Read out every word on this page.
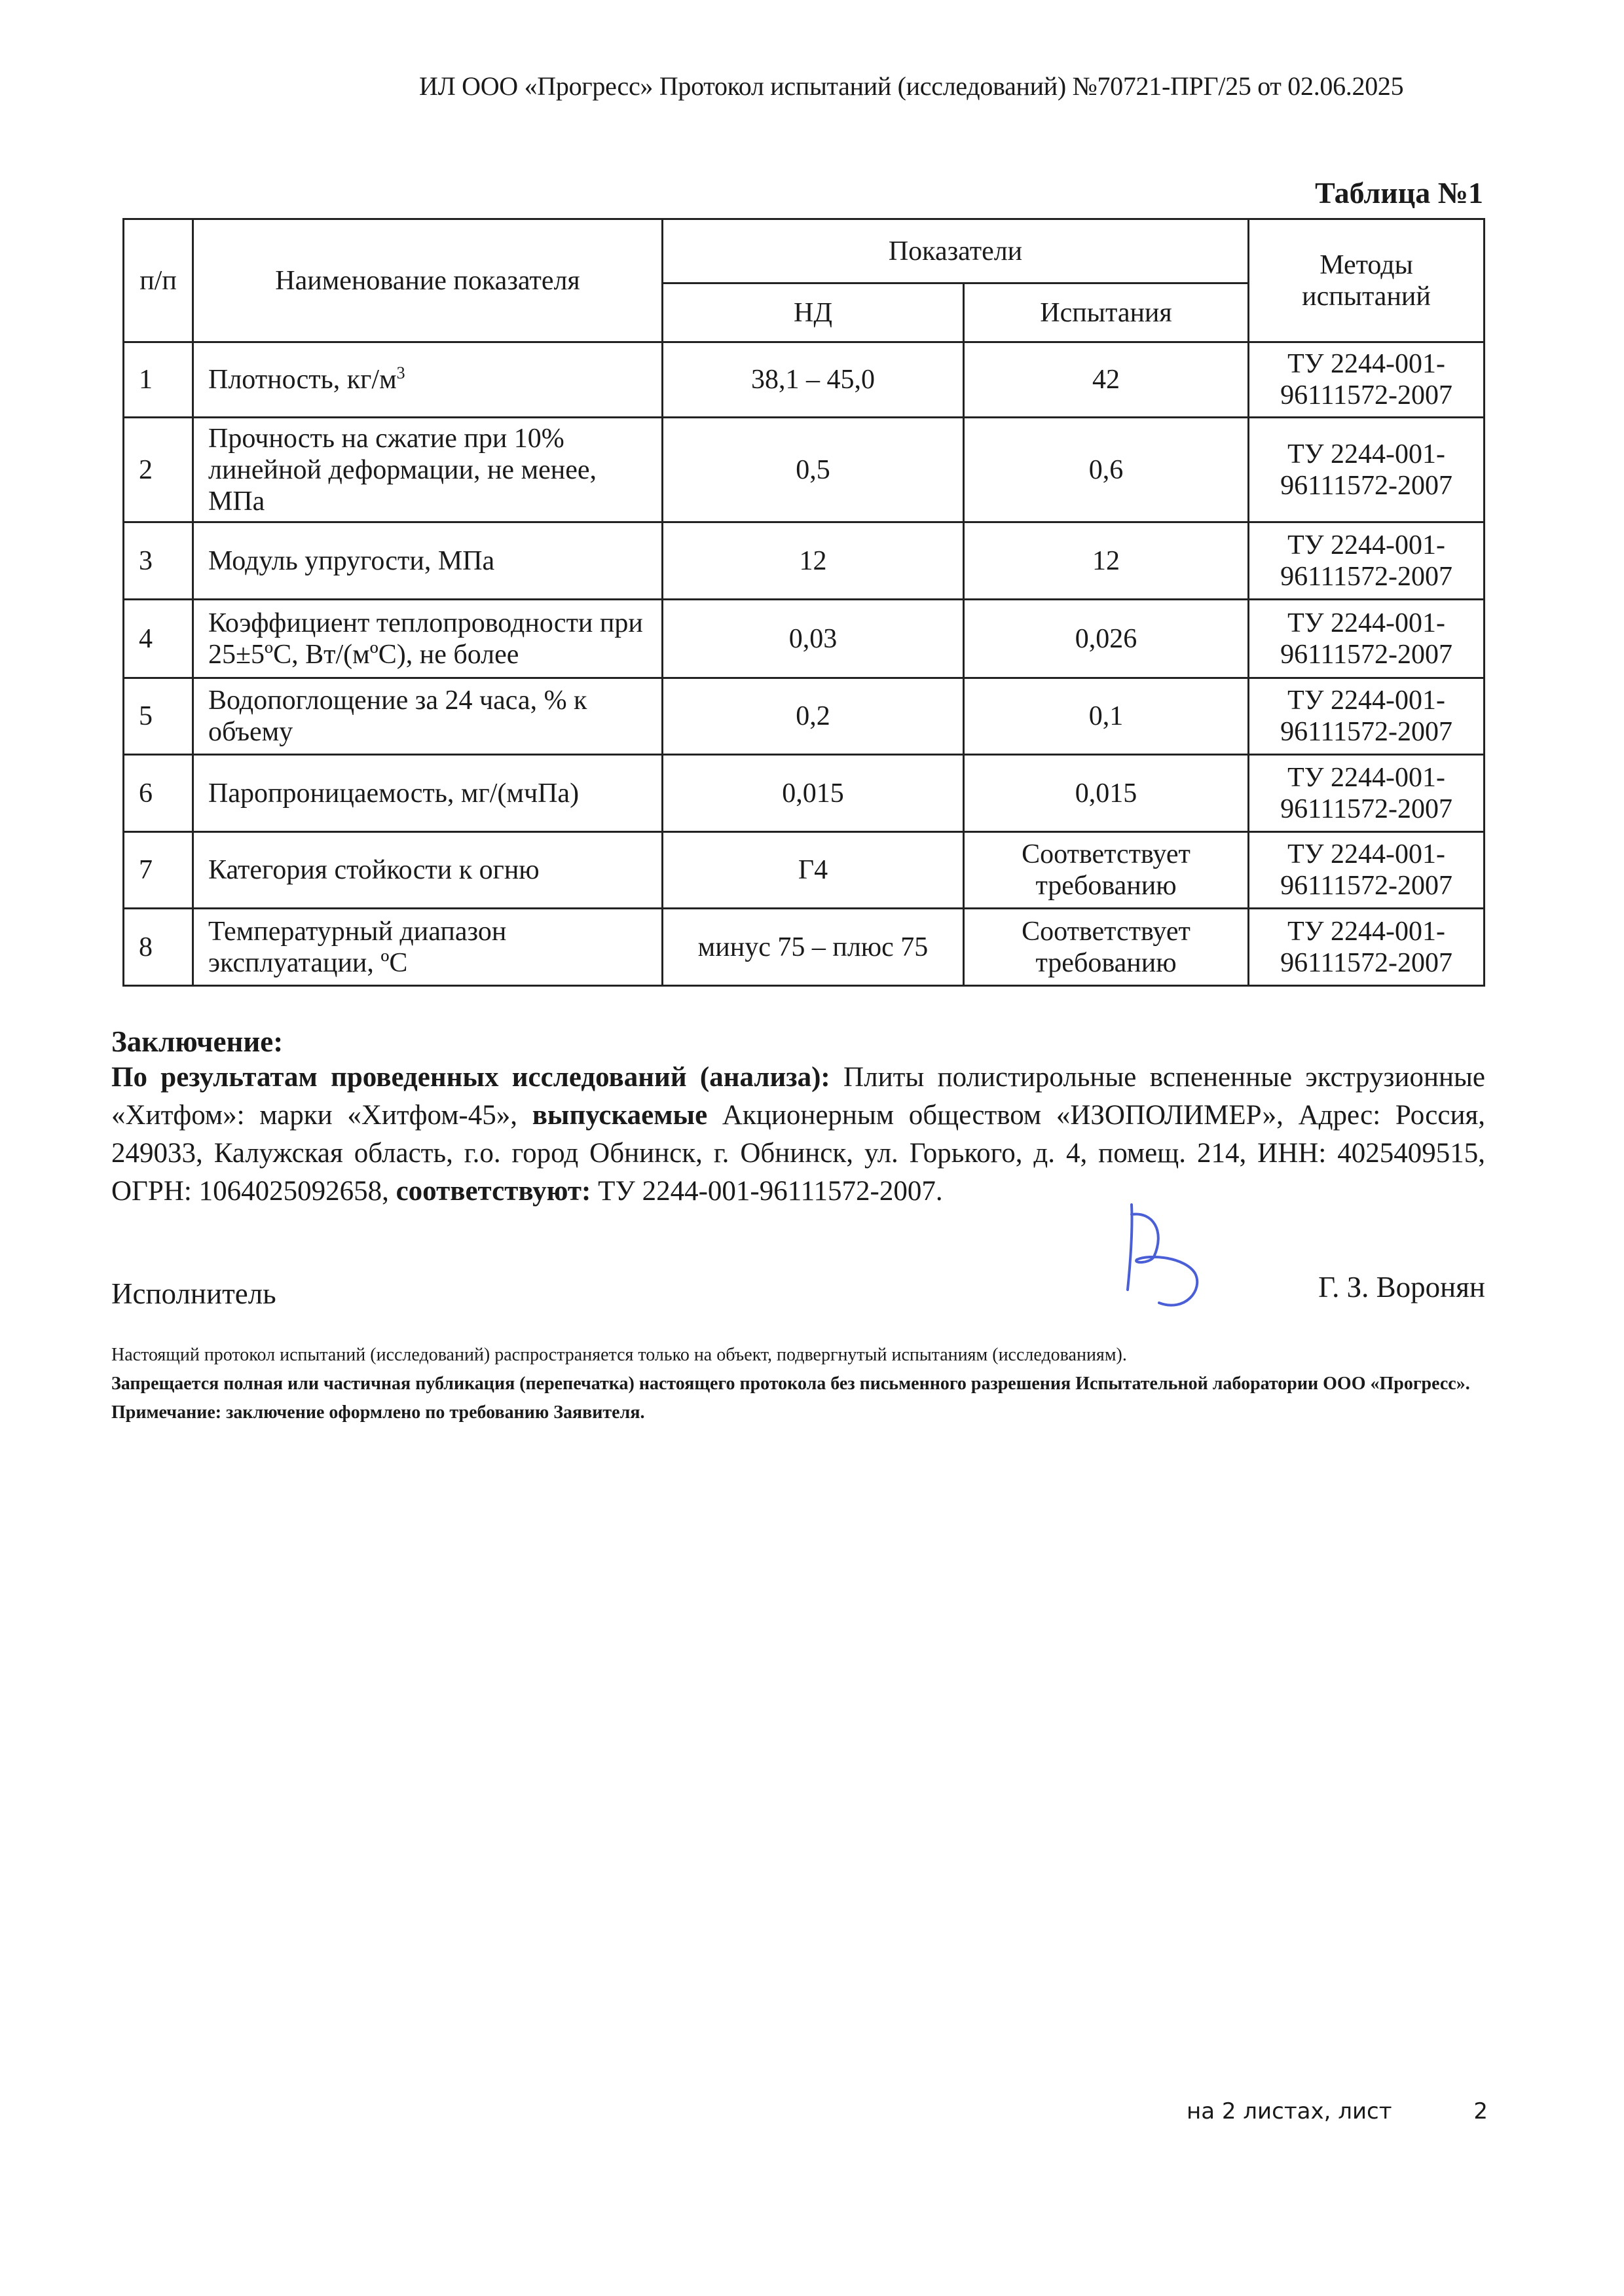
ИЛ ООО «Прогресс» Протокол испытаний (исследований) №70721-ПРГ/25 от 02.06.2025
Таблица №1
п/п	Наименование показателя	Показатели		Методы испытаний
		НД	Испытания	
1	Плотность, $кг/м^3$	38,1 – 45,0	42	ТУ 2244-001-96111572-2007
2	Прочность на сжатие при 10% линейной деформации, не менее, МПа	0,5	0,6	ТУ 2244-001-96111572-2007
3	Модуль упругости, МПа	12	12	ТУ 2244-001-96111572-2007
4	Коэффициент теплопроводности при 25±5ºС, Вт/(мºС), не более	0,03	0,026	ТУ 2244-001-96111572-2007
5	Водопоглощение за 24 часа, % к объему	0,2	0,1	ТУ 2244-001-96111572-2007
6	Паропроницаемость, мг/(мчПа)	0,015	0,015	ТУ 2244-001-96111572-2007
7	Категория стойкости к огню	Г4	Соответствует требованию	ТУ 2244-001-96111572-2007
8	Температурный диапазон эксплуатации, ºС	минус 75 – плюс 75	Соответствует требованию	ТУ 2244-001-96111572-2007
Заключение:
По результатам проведенных исследований (анализа): Плиты полистирольные вспененные экструзионные «Хитфом»: марки «Хитфом-45», выпускаемые Акционерным обществом «ИЗОПОЛИМЕР», Адрес: Россия, 249033, Калужская область, г.о. город Обнинск, г. Обнинск, ул. Горького, д. 4, помещ. 214, ИНН: 4025409515, ОГРН: 1064025092658, соответствуют: ТУ 2244-001-96111572-2007.
Исполнитель	Г. З. Воронян
Настоящий протокол испытаний (исследований) распространяется только на объект, подвергнутый испытаниям (исследованиям).
Запрещается полная или частичная публикация (перепечатка) настоящего протокола без письменного разрешения Испытательной лаборатории ООО «Прогресс».
Примечание: заключение оформлено по требованию Заявителя.
на 2 листах, лист	2
